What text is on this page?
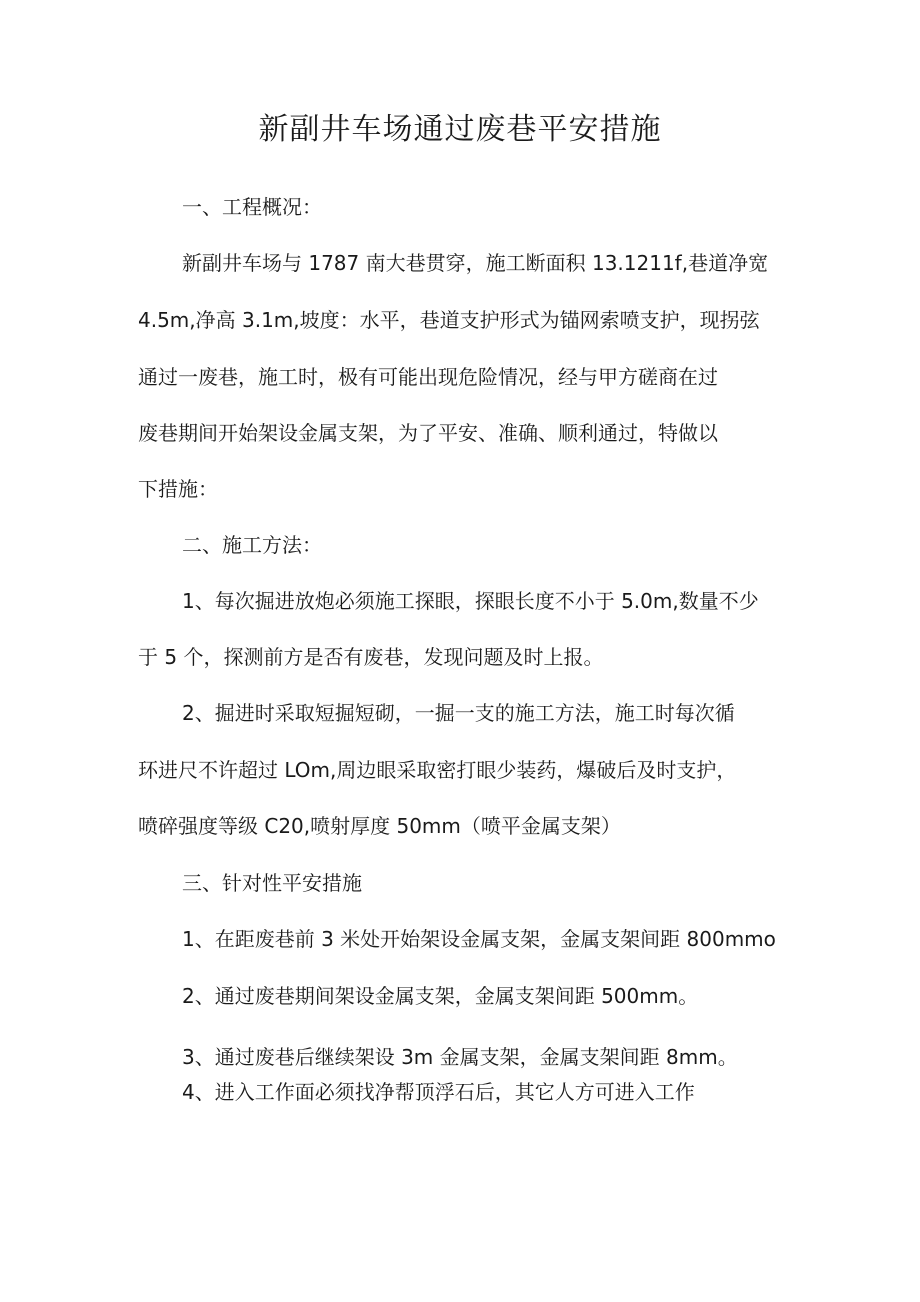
新副井车场通过废巷平安措施
一、工程概况：
新副井车场与 1787 南大巷贯穿，施工断面积 13.1211f,巷道净宽
4.5m,净高 3.1m,坡度：水平，巷道支护形式为锚网索喷支护，现拐弦
通过一废巷，施工时，极有可能出现危险情况，经与甲方磋商在过
废巷期间开始架设金属支架，为了平安、准确、顺利通过，特做以
下措施：
二、施工方法：
1、每次掘进放炮必须施工探眼，探眼长度不小于 5.0m,数量不少
于 5 个，探测前方是否有废巷，发现问题及时上报。
2、掘进时采取短掘短砌，一掘一支的施工方法，施工时每次循
环进尺不许超过 LOm,周边眼采取密打眼少装药，爆破后及时支护，
喷碎强度等级 C20,喷射厚度 50mm（喷平金属支架）
三、针对性平安措施
1、在距废巷前 3 米处开始架设金属支架，金属支架间距 800mmo
2、通过废巷期间架设金属支架，金属支架间距 500mm。
3、通过废巷后继续架设 3m 金属支架，金属支架间距 8mm。
4、进入工作面必须找净帮顶浮石后，其它人方可进入工作
